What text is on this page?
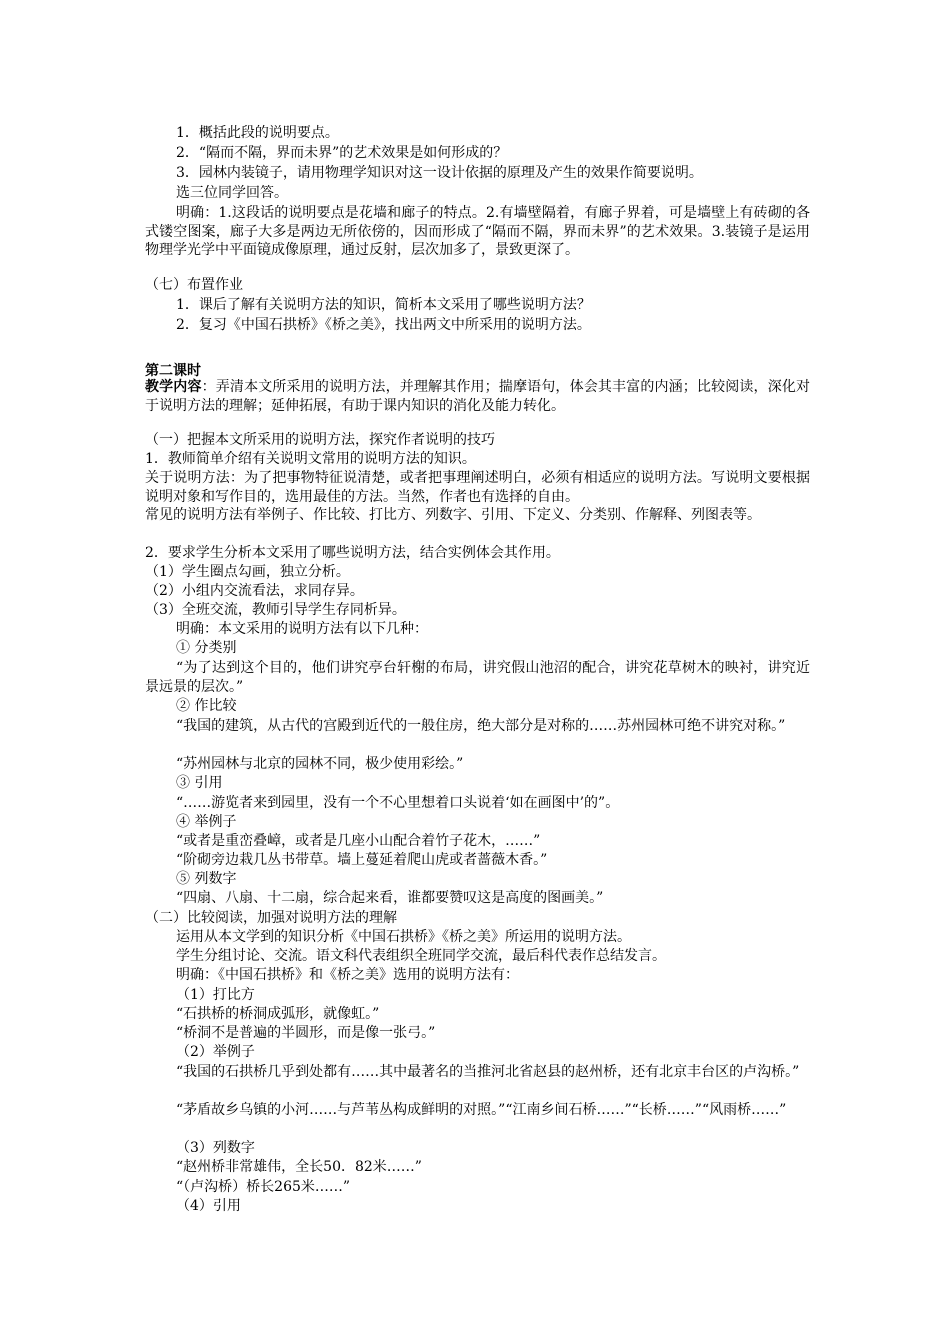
1．概括此段的说明要点。
2．“隔而不隔，界而未界”的艺术效果是如何形成的？
3．园林内装镜子，请用物理学知识对这一设计依据的原理及产生的效果作简要说明。
选三位同学回答。
明确：1.这段话的说明要点是花墙和廊子的特点。2.有墙壁隔着，有廊子界着，可是墙壁上有砖砌的各式镂空图案，廊子大多是两边无所依傍的，因而形成了“隔而不隔，界而未界”的艺术效果。3.装镜子是运用物理学光学中平面镜成像原理，通过反射，层次加多了，景致更深了。
（七）布置作业
1．课后了解有关说明方法的知识，简析本文采用了哪些说明方法？
2．复习《中国石拱桥》《桥之美》，找出两文中所采用的说明方法。
第二课时
教学内容：弄清本文所采用的说明方法，并理解其作用；揣摩语句，体会其丰富的内涵；比较阅读，深化对于说明方法的理解；延伸拓展，有助于课内知识的消化及能力转化。
（一）把握本文所采用的说明方法，探究作者说明的技巧
1．教师简单介绍有关说明文常用的说明方法的知识。
关于说明方法：为了把事物特征说清楚，或者把事理阐述明白，必须有相适应的说明方法。写说明文要根据说明对象和写作目的，选用最佳的方法。当然，作者也有选择的自由。
常见的说明方法有举例子、作比较、打比方、列数字、引用、下定义、分类别、作解释、列图表等。
2．要求学生分析本文采用了哪些说明方法，结合实例体会其作用。
（1）学生圈点勾画，独立分析。
（2）小组内交流看法，求同存异。
（3）全班交流，教师引导学生存同析异。
明确：本文采用的说明方法有以下几种：
① 分类别
“为了达到这个目的，他们讲究亭台轩榭的布局，讲究假山池沼的配合，讲究花草树木的映衬，讲究近景远景的层次。”
② 作比较
“我国的建筑，从古代的宫殿到近代的一般住房，绝大部分是对称的……苏州园林可绝不讲究对称。”
“苏州园林与北京的园林不同，极少使用彩绘。”
③ 引用
“……游览者来到园里，没有一个不心里想着口头说着‘如在画图中’的”。
④ 举例子
“或者是重峦叠嶂，或者是几座小山配合着竹子花木，……”
“阶砌旁边栽几丛书带草。墙上蔓延着爬山虎或者蔷薇木香。”
⑤ 列数字
“四扇、八扇、十二扇，综合起来看，谁都要赞叹这是高度的图画美。”
（二）比较阅读，加强对说明方法的理解
运用从本文学到的知识分析《中国石拱桥》《桥之美》所运用的说明方法。
学生分组讨论、交流。语文科代表组织全班同学交流，最后科代表作总结发言。
明确：《中国石拱桥》和《桥之美》选用的说明方法有：
（1）打比方
“石拱桥的桥洞成弧形，就像虹。”
“桥洞不是普遍的半圆形，而是像一张弓。”
（2）举例子
“我国的石拱桥几乎到处都有……其中最著名的当推河北省赵县的赵州桥，还有北京丰台区的卢沟桥。”
“茅盾故乡乌镇的小河……与芦苇丛构成鲜明的对照。”“江南乡间石桥……”“长桥……”“风雨桥……”
（3）列数字
“赵州桥非常雄伟，全长50．82米……”
“（卢沟桥）桥长265米……”
（4）引用
